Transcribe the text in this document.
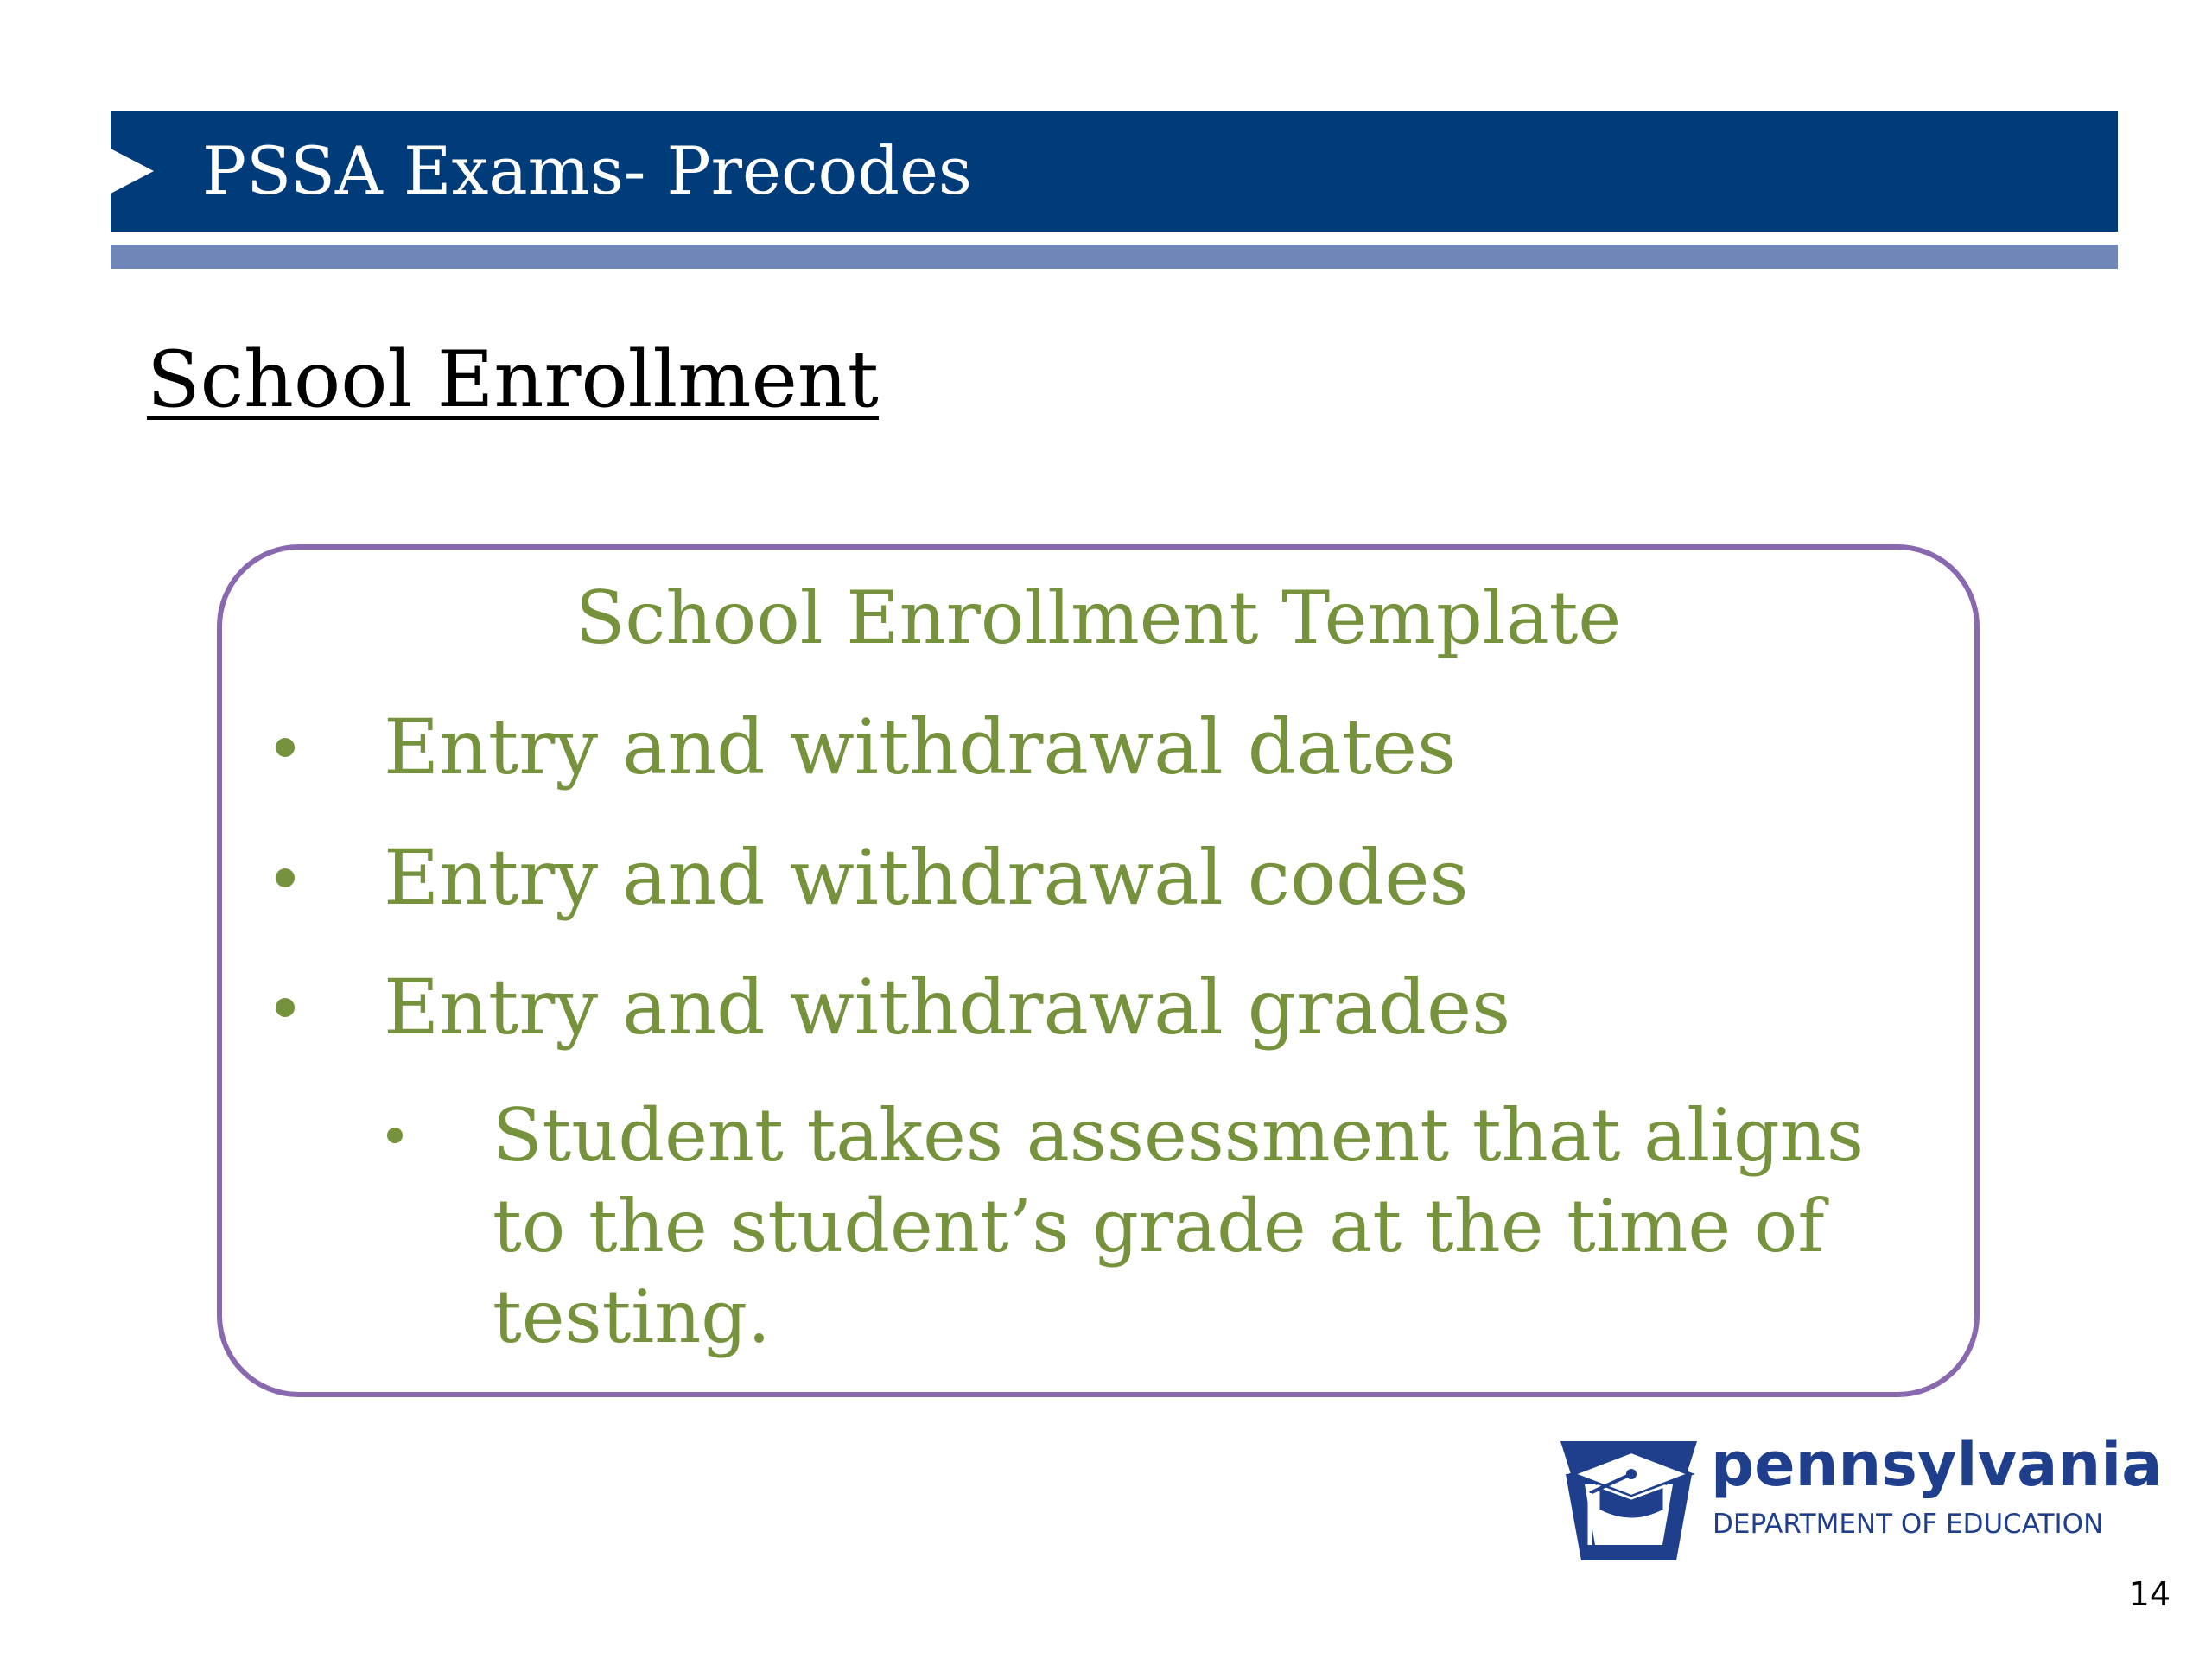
PSSA Exams- Precodes
School Enrollment
School Enrollment Template
Entry and withdrawal dates
Entry and withdrawal codes
Entry and withdrawal grades
Student takes assessment that aligns to the student’s grade at the time of testing.
pennsylvania
DEPARTMENT OF EDUCATION
14
